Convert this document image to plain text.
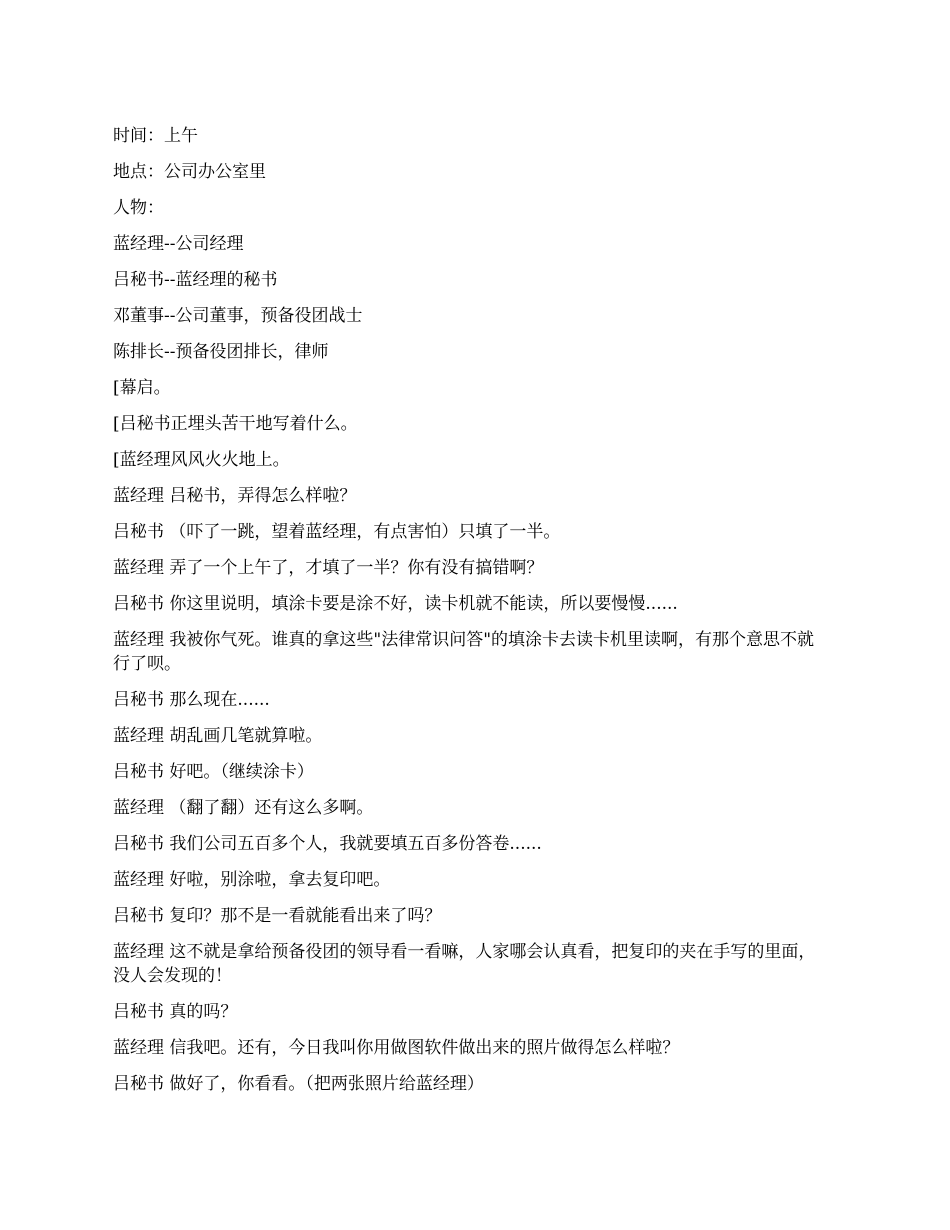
时间：上午

地点：公司办公室里

人物：

蓝经理--公司经理

吕秘书--蓝经理的秘书

邓董事--公司董事，预备役团战士

陈排长--预备役团排长，律师

[幕启。

[吕秘书正埋头苦干地写着什么。

[蓝经理风风火火地上。

蓝经理 吕秘书，弄得怎么样啦？

吕秘书 （吓了一跳，望着蓝经理，有点害怕）只填了一半。

蓝经理 弄了一个上午了，才填了一半？你有没有搞错啊？

吕秘书 你这里说明，填涂卡要是涂不好，读卡机就不能读，所以要慢慢......

蓝经理 我被你气死。谁真的拿这些"法律常识问答"的填涂卡去读卡机里读啊，有那个意思不就行了呗。

吕秘书 那么现在......

蓝经理 胡乱画几笔就算啦。

吕秘书 好吧。（继续涂卡）

蓝经理 （翻了翻）还有这么多啊。

吕秘书 我们公司五百多个人，我就要填五百多份答卷......

蓝经理 好啦，别涂啦，拿去复印吧。

吕秘书 复印？那不是一看就能看出来了吗？

蓝经理 这不就是拿给预备役团的领导看一看嘛，人家哪会认真看，把复印的夹在手写的里面，没人会发现的！

吕秘书 真的吗？

蓝经理 信我吧。还有，今日我叫你用做图软件做出来的照片做得怎么样啦？

吕秘书 做好了，你看看。（把两张照片给蓝经理）
